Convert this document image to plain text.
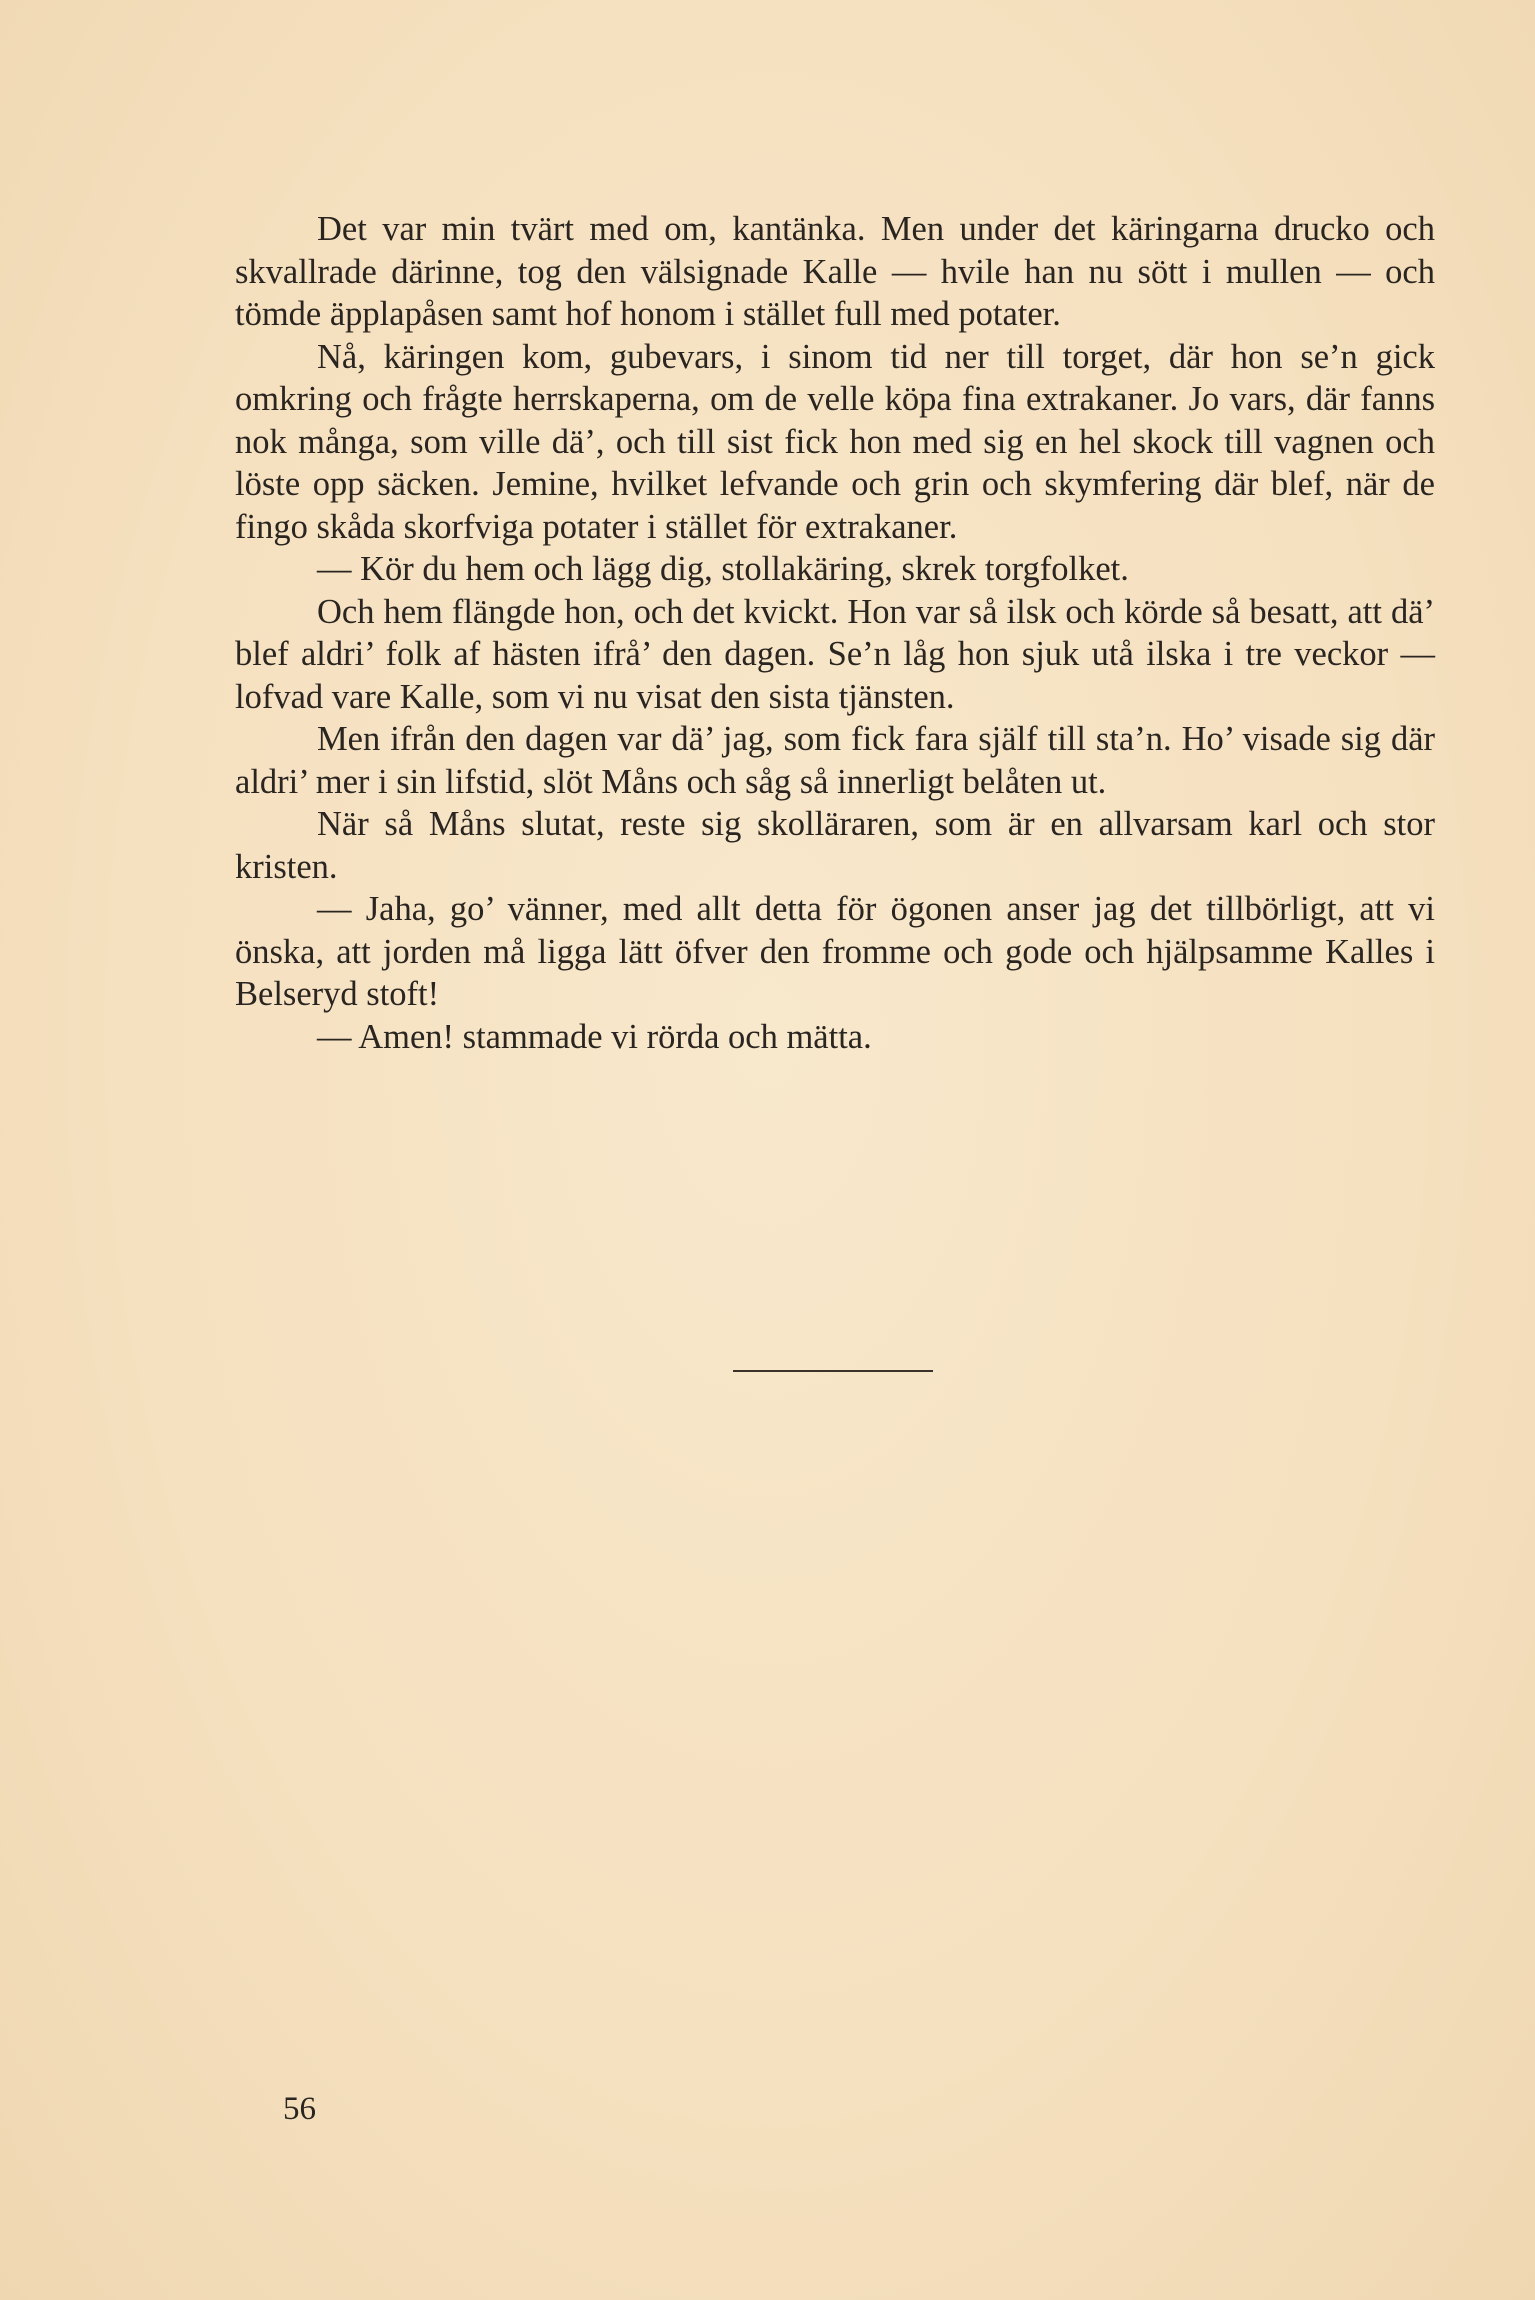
Det var min tvärt med om, kantänka. Men under det käringarna drucko och skvallrade därinne, tog den välsignade Kalle — hvile han nu sött i mullen — och tömde äpplapåsen samt hof honom i stället full med potater.

Nå, käringen kom, gubevars, i sinom tid ner till torget, där hon se’n gick omkring och frågte herrskaperna, om de velle köpa fina extrakaner. Jo vars, där fanns nok många, som ville dä’, och till sist fick hon med sig en hel skock till vagnen och löste opp säcken. Jemine, hvilket lefvande och grin och skymfering där blef, när de fingo skåda skorfviga potater i stället för extrakaner.

— Kör du hem och lägg dig, stollakäring, skrek torgfolket.

Och hem flängde hon, och det kvickt. Hon var så ilsk och körde så besatt, att dä’ blef aldri’ folk af hästen ifrå’ den dagen. Se’n låg hon sjuk utå ilska i tre veckor — lofvad vare Kalle, som vi nu visat den sista tjänsten.

Men ifrån den dagen var dä’ jag, som fick fara själf till sta’n. Ho’ visade sig där aldri’ mer i sin lifstid, slöt Måns och såg så innerligt belåten ut.

När så Måns slutat, reste sig skolläraren, som är en allvarsam karl och stor kristen.

— Jaha, go’ vänner, med allt detta för ögonen anser jag det tillbörligt, att vi önska, att jorden må ligga lätt öfver den fromme och gode och hjälpsamme Kalles i Belseryd stoft!

— Amen! stammade vi rörda och mätta.

56
